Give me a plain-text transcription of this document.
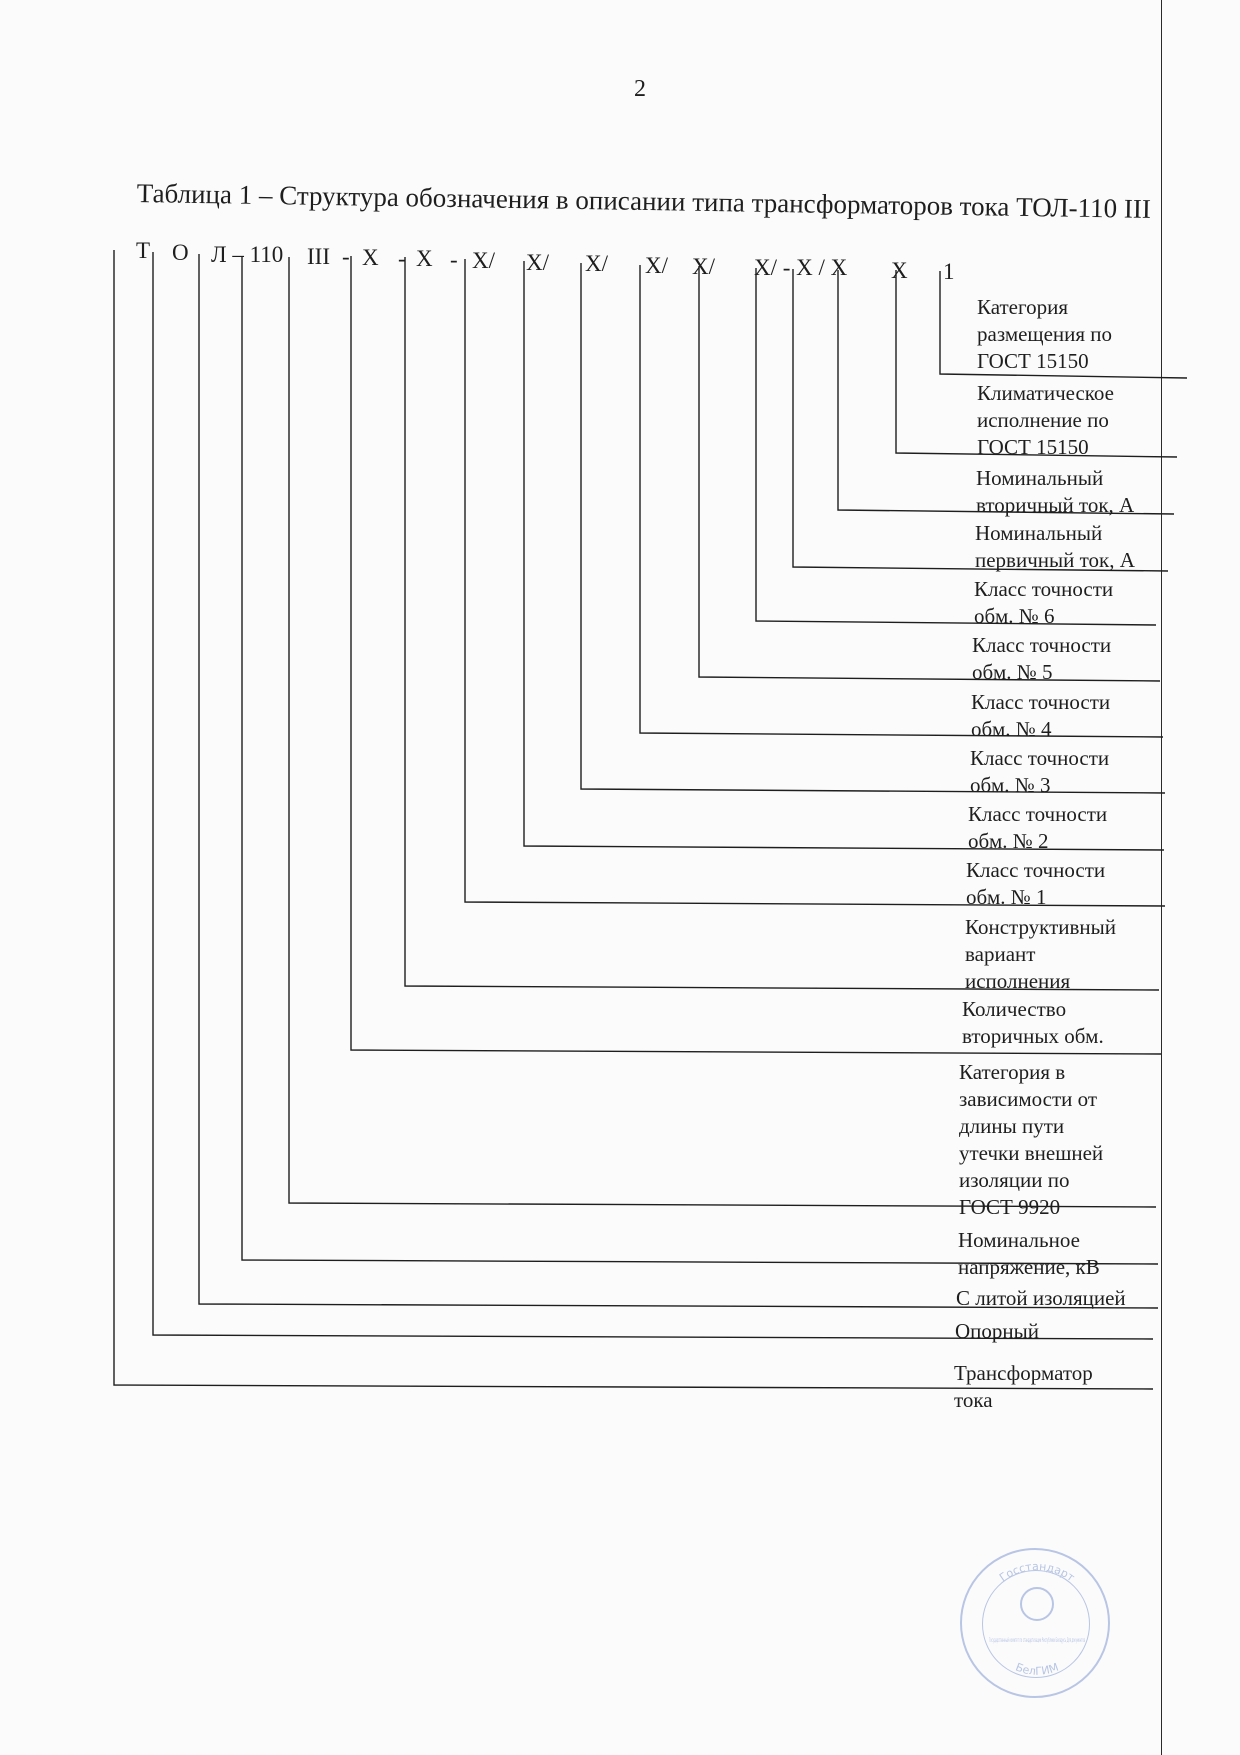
2
Таблица 1 – Структура обозначения в описании типа трансформаторов тока ТОЛ-110 III
Т О Л – 110 III - Х - Х - Х/ Х/ Х/ Х/ Х/ Х/ - Х / Х Х 1
Категория
размещения по
ГОСТ 15150
Климатическое
исполнение по
ГОСТ 15150
Номинальный
вторичный ток, А
Номинальный
первичный ток, А
Класс точности
обм. № 6
Класс точности
обм. № 5
Класс точности
обм. № 4
Класс точности
обм. № 3
Класс точности
обм. № 2
Класс точности
обм. № 1
Конструктивный
вариант
исполнения
Количество
вторичных обм.
Категория в
зависимости от
длины пути
утечки внешней
изоляции по
ГОСТ 9920
Номинальное
напряжение, кВ
С литой изоляцией
Опорный
Трансформатор
тока
Госстандарт
БелГИМ
Государственный комитет по стандартизации Республики Беларусь Для документов
